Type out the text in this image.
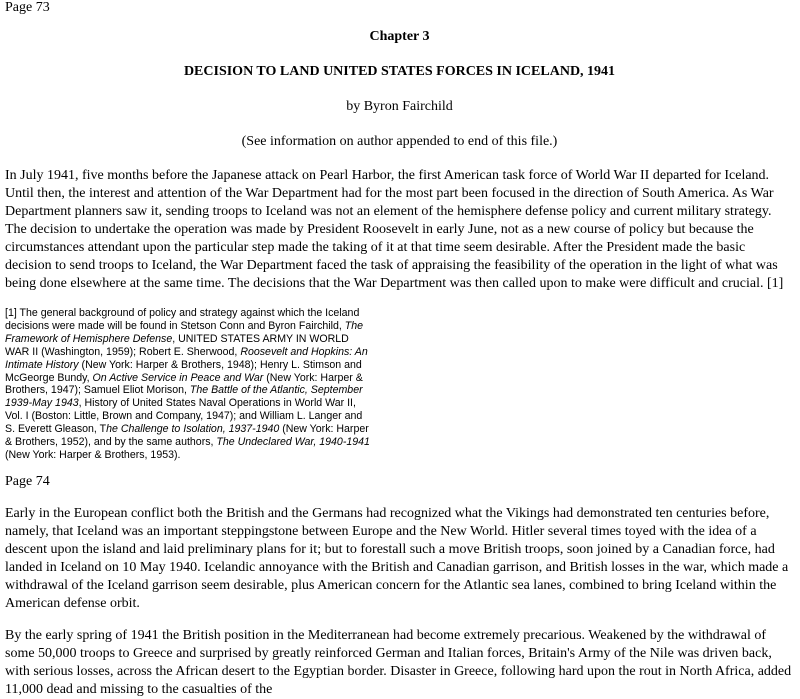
Page 73

Chapter 3

DECISION TO LAND UNITED STATES FORCES IN ICELAND, 1941

by Byron Fairchild

(See information on author appended to end of this file.)

In July 1941, five months before the Japanese attack on Pearl Harbor, the first American task force of World War II departed for Iceland. Until then, the interest and attention of the War Department had for the most part been focused in the direction of South America. As War Department planners saw it, sending troops to Iceland was not an element of the hemisphere defense policy and current military strategy. The decision to undertake the operation was made by President Roosevelt in early June, not as a new course of policy but because the circumstances attendant upon the particular step made the taking of it at that time seem desirable. After the President made the basic decision to send troops to Iceland, the War Department faced the task of appraising the feasibility of the operation in the light of what was being done elsewhere at the same time. The decisions that the War Department was then called upon to make were difficult and crucial. [1]

[1] The general background of policy and strategy against which the Iceland decisions were made will be found in Stetson Conn and Byron Fairchild, The Framework of Hemisphere Defense, UNITED STATES ARMY IN WORLD WAR II (Washington, 1959); Robert E. Sherwood, Roosevelt and Hopkins: An Intimate History (New York: Harper & Brothers, 1948); Henry L. Stimson and McGeorge Bundy, On Active Service in Peace and War (New York: Harper & Brothers, 1947); Samuel Eliot Morison, The Battle of the Atlantic, September 1939-May 1943, History of United States Naval Operations in World War II, Vol. I (Boston: Little, Brown and Company, 1947); and William L. Langer and S. Everett Gleason, The Challenge to Isolation, 1937-1940 (New York: Harper & Brothers, 1952), and by the same authors, The Undeclared War, 1940-1941 (New York: Harper & Brothers, 1953).

Page 74

Early in the European conflict both the British and the Germans had recognized what the Vikings had demonstrated ten centuries before, namely, that Iceland was an important steppingstone between Europe and the New World. Hitler several times toyed with the idea of a descent upon the island and laid preliminary plans for it; but to forestall such a move British troops, soon joined by a Canadian force, had landed in Iceland on 10 May 1940. Icelandic annoyance with the British and Canadian garrison, and British losses in the war, which made a withdrawal of the Iceland garrison seem desirable, plus American concern for the Atlantic sea lanes, combined to bring Iceland within the American defense orbit.

By the early spring of 1941 the British position in the Mediterranean had become extremely precarious. Weakened by the withdrawal of some 50,000 troops to Greece and surprised by greatly reinforced German and Italian forces, Britain's Army of the Nile was driven back, with serious losses, across the African desert to the Egyptian border. Disaster in Greece, following hard upon the rout in North Africa, added 11,000 dead and missing to the casualties of the
